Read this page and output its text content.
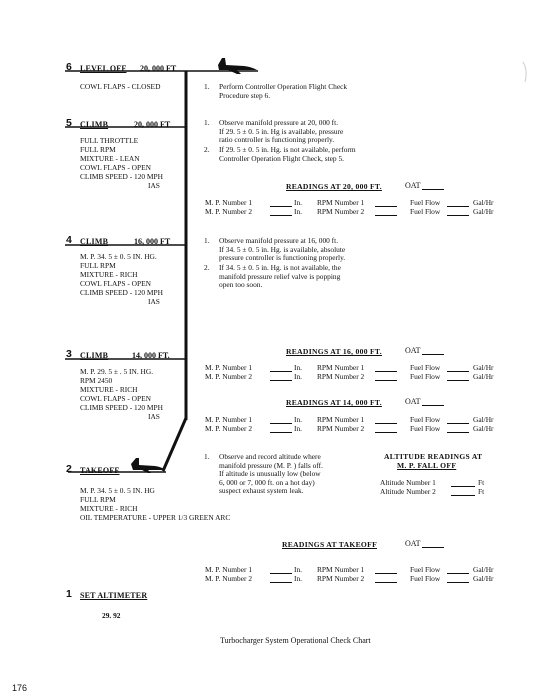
6 LEVEL OFF 20, 000 FT
COWL FLAPS - CLOSED	1. Perform Controller Operation Flight Check
Procedure step 6.
5 CLIMB	20, 000 FT
FULL THROTTLE
FULL RPM
MIXTURE - LEAN
COWL FLAPS - OPEN
CLIMB SPEED - 120 MPH
IAS
1. Observe manifold pressure at 20, 000 ft.
If 29. 5 ± 0. 5 in. Hg is available, pressure
ratio controller is functioning properly.
2. If 29. 5 ± 0. 5 in. Hg. is not available, perform
Controller Operation Flight Check, step 5.
READINGS AT 20, 000 FT.	OAT
M. P. Number 1	In. RPM Number 1	Fuel Flow	Gal/Hr
M. P. Number 2	In. RPM Number 2	Fuel Flow	Gal/Hr
4 CLIMB	16, 000 FT
M. P. 34. 5 ± 0. 5 IN. HG.
FULL RPM
MIXTURE - RICH
COWL FLAPS - OPEN
CLIMB SPEED - 120 MPH
IAS
1. Observe manifold pressure at 16, 000 ft.
If 34. 5 ± 0. 5 in. Hg. is available, absolute
pressure controller is functioning properly.
2. If 34. 5 ± 0. 5 in. Hg. is not available, the
manifold pressure relief valve is popping
open too soon.
READINGS AT 16, 000 FT.	OAT
M. P. Number 1	In. RPM Number 1	Fuel Flow	Gal/Hr
M. P. Number 2	In. RPM Number 2	Fuel Flow	Gal/Hr
3 CLIMB	14, 000 FT.
M. P. 29. 5 ± . 5 IN. HG.
RPM 2450
MIXTURE - RICH
COWL FLAPS - OPEN
CLIMB SPEED - 120 MPH
IAS
READINGS AT 14, 000 FT.	OAT
M. P. Number 1	In. RPM Number 1	Fuel Flow	Gal/Hr
M. P. Number 2	In. RPM Number 2	Fuel Flow	Gal/Hr
2 TAKEOFF
M. P. 34. 5 ± 0. 5 IN. HG
FULL RPM
MIXTURE - RICH
OIL TEMPERATURE - UPPER 1/3 GREEN ARC
1. Observe and record altitude where
manifold pressure (M. P. ) falls off.
If altitude is unusually low (below
6, 000 or 7, 000 ft. on a hot day)
suspect exhaust system leak.
ALTITUDE READINGS AT
M. P. FALL OFF
Altitude Number 1	Ft
Altitude Number 2	Ft
READINGS AT TAKEOFF	OAT
M. P. Number 1	In. RPM Number 1	Fuel Flow	Gal/Hr
M. P. Number 2	In. RPM Number 2	Fuel Flow	Gal/Hr
1 SET ALTIMETER
29. 92
Turbocharger System Operational Check Chart
176
